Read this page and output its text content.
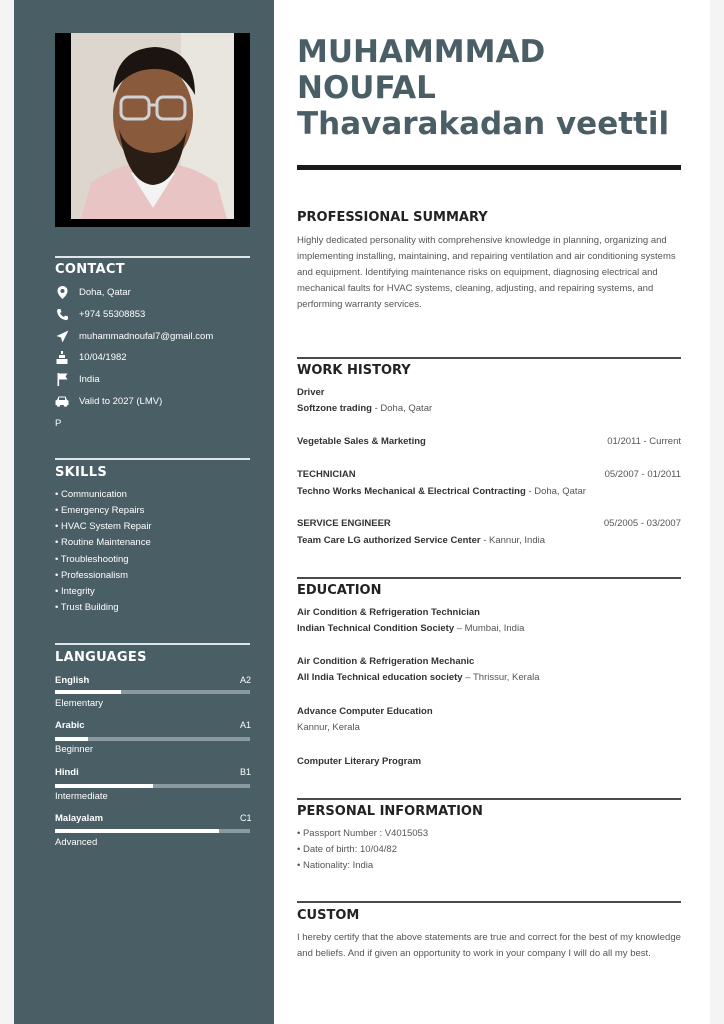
CONTACT
Doha, Qatar
+974 55308853
muhammadnoufal7@gmail.com
10/04/1982
India
Valid to 2027 (LMV)
P
SKILLS
• Communication
• Emergency Repairs
• HVAC System Repair
• Routine Maintenance
• Troubleshooting
• Professionalism
• Integrity
• Trust Building
LANGUAGES
English	A2
Elementary
Arabic	A1
Beginner
Hindi	B1
Intermediate
Malayalam	C1
Advanced
MUHAMMMAD
NOUFAL
Thavarakadan veettil
PROFESSIONAL SUMMARY
Highly dedicated personality with comprehensive knowledge in planning, organizing and implementing installing, maintaining, and repairing ventilation and air conditioning systems and equipment. Identifying maintenance risks on equipment, diagnosing electrical and mechanical faults for HVAC systems, cleaning, adjusting, and repairing systems, and performing warranty services.
WORK HISTORY
Driver
Softzone trading - Doha, Qatar
Vegetable Sales & Marketing	01/2011 - Current
TECHNICIAN	05/2007 - 01/2011
Techno Works Mechanical & Electrical Contracting - Doha, Qatar
SERVICE ENGINEER	05/2005 - 03/2007
Team Care LG authorized Service Center - Kannur, India
EDUCATION
Air Condition & Refrigeration Technician
Indian Technical Condition Society – Mumbai, India
Air Condition & Refrigeration Mechanic
All India Technical education society – Thrissur, Kerala
Advance Computer Education
Kannur, Kerala
Computer Literary Program
PERSONAL INFORMATION
• Passport Number : V4015053
• Date of birth: 10/04/82
• Nationality: India
CUSTOM
I hereby certify that the above statements are true and correct for the best of my knowledge and beliefs. And if given an opportunity to work in your company I will do all my best.
